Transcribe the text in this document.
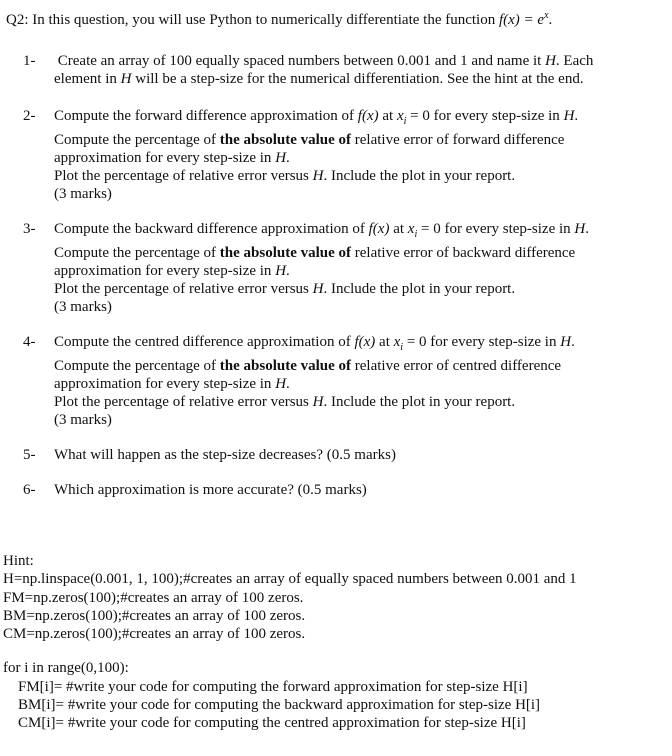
Q2: In this question, you will use Python to numerically differentiate the function $f(x) = e^x$.
1-	Create an array of 100 equally spaced numbers between 0.001 and 1 and name it H. Each
element in H will be a step-size for the numerical differentiation. See the hint at the end.
2-	Compute the forward difference approximation of f(x) at $x_i = 0$ for every step-size in H.
Compute the percentage of the absolute value of relative error of forward difference
approximation for every step-size in H.
Plot the percentage of relative error versus H. Include the plot in your report.
(3 marks)
3-	Compute the backward difference approximation of f(x) at $x_i = 0$ for every step-size in H.
Compute the percentage of the absolute value of relative error of backward difference
approximation for every step-size in H.
Plot the percentage of relative error versus H. Include the plot in your report.
(3 marks)
4-	Compute the centred difference approximation of f(x) at $x_i = 0$ for every step-size in H.
Compute the percentage of the absolute value of relative error of centred difference
approximation for every step-size in H.
Plot the percentage of relative error versus H. Include the plot in your report.
(3 marks)
5-	What will happen as the step-size decreases? (0.5 marks)
6-	Which approximation is more accurate? (0.5 marks)
Hint:
H=np.linspace(0.001, 1, 100);#creates an array of equally spaced numbers between 0.001 and 1
FM=np.zeros(100);#creates an array of 100 zeros.
BM=np.zeros(100);#creates an array of 100 zeros.
CM=np.zeros(100);#creates an array of 100 zeros.
for i in range(0,100):
FM[i]= #write your code for computing the forward approximation for step-size H[i]
BM[i]= #write your code for computing the backward approximation for step-size H[i]
CM[i]= #write your code for computing the centred approximation for step-size H[i]
